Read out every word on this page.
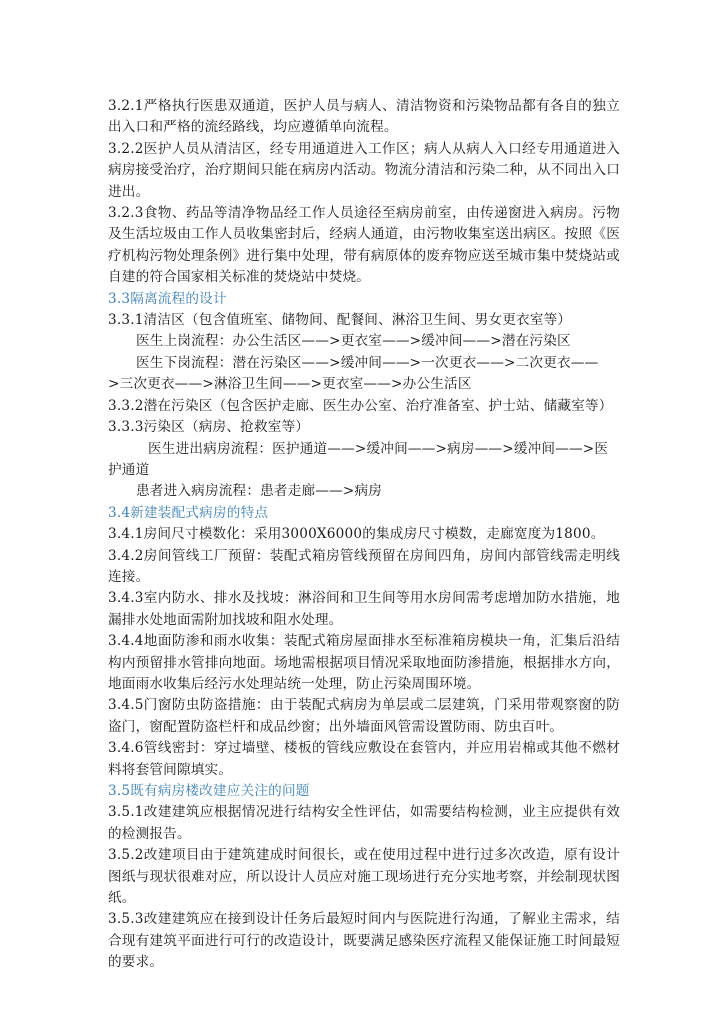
3.2.1严格执行医患双通道，医护人员与病人、清洁物资和污染物品都有各自的独立出入口和严格的流经路线，均应遵循单向流程。

3.2.2医护人员从清洁区，经专用通道进入工作区；病人从病人入口经专用通道进入病房接受治疗，治疗期间只能在病房内活动。物流分清洁和污染二种，从不同出入口进出。

3.2.3食物、药品等清净物品经工作人员途径至病房前室，由传递窗进入病房。污物及生活垃圾由工作人员收集密封后，经病人通道，由污物收集室送出病区。按照《医疗机构污物处理条例》进行集中处理，带有病原体的废弃物应送至城市集中焚烧站或自建的符合国家相关标准的焚烧站中焚烧。

3.3隔离流程的设计

3.3.1清洁区（包含值班室、储物间、配餐间、淋浴卫生间、男女更衣室等）

医生上岗流程：办公生活区——>更衣室——>缓冲间——>潜在污染区

医生下岗流程：潜在污染区——>缓冲间——>一次更衣——>二次更衣——

>三次更衣——>淋浴卫生间——>更衣室——>办公生活区

3.3.2潜在污染区（包含医护走廊、医生办公室、治疗准备室、护士站、储藏室等）

3.3.3污染区（病房、抢救室等）

医生进出病房流程：医护通道——>缓冲间——>病房——>缓冲间——>医

护通道

患者进入病房流程：患者走廊——>病房

3.4新建装配式病房的特点

3.4.1房间尺寸模数化：采用3000X6000的集成房尺寸模数，走廊宽度为1800。

3.4.2房间管线工厂预留：装配式箱房管线预留在房间四角，房间内部管线需走明线连接。

3.4.3室内防水、排水及找坡：淋浴间和卫生间等用水房间需考虑增加防水措施，地漏排水处地面需附加找坡和阻水处理。

3.4.4地面防渗和雨水收集：装配式箱房屋面排水至标准箱房模块一角，汇集后沿结构内预留排水管排向地面。场地需根据项目情况采取地面防渗措施，根据排水方向，地面雨水收集后经污水处理站统一处理，防止污染周围环境。

3.4.5门窗防虫防盗措施：由于装配式病房为单层或二层建筑，门采用带观察窗的防盗门，窗配置防盗栏杆和成品纱窗；出外墙面风管需设置防雨、防虫百叶。

3.4.6管线密封：穿过墙壁、楼板的管线应敷设在套管内，并应用岩棉或其他不燃材料将套管间隙填实。

3.5既有病房楼改建应关注的问题

3.5.1改建建筑应根据情况进行结构安全性评估，如需要结构检测，业主应提供有效的检测报告。

3.5.2改建项目由于建筑建成时间很长，或在使用过程中进行过多次改造，原有设计图纸与现状很难对应，所以设计人员应对施工现场进行充分实地考察，并绘制现状图纸。

3.5.3改建建筑应在接到设计任务后最短时间内与医院进行沟通，了解业主需求，结合现有建筑平面进行可行的改造设计，既要满足感染医疗流程又能保证施工时间最短的要求。
